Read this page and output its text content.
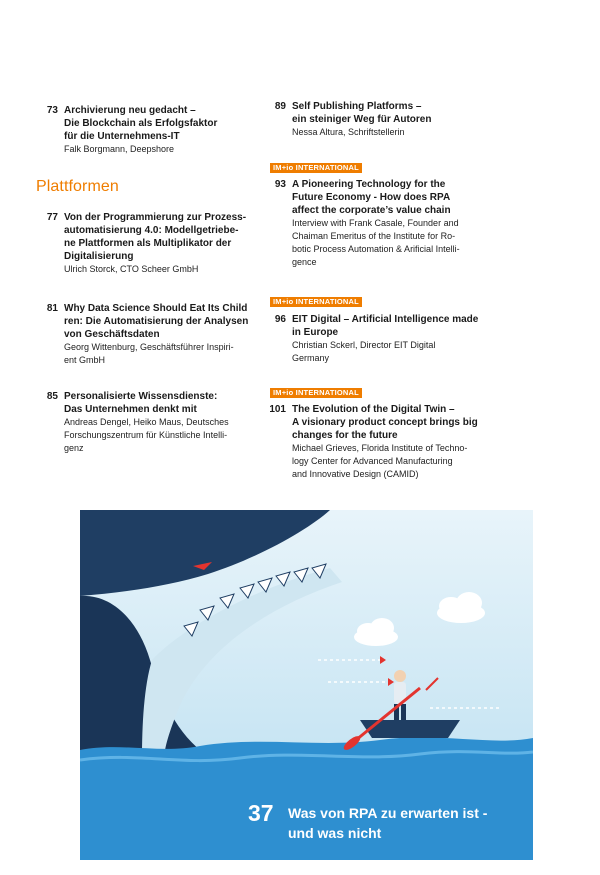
73 Archivierung neu gedacht –
Die Blockchain als Erfolgsfaktor
für die Unternehmens-IT
Falk Borgmann, Deepshore
Plattformen
77 Von der Programmierung zur Prozess-
automatisierung 4.0: Modellgetriebe-
ne Plattformen als Multiplikator der
Digitalisierung
Ulrich Storck, CTO Scheer GmbH
81 Why Data Science Should Eat Its Child
ren: Die Automatisierung der Analysen
von Geschäftsdaten
Georg Wittenburg, Geschäftsführer Inspiri-
ent GmbH
85 Personalisierte Wissensdienste:
Das Unternehmen denkt mit
Andreas Dengel, Heiko Maus, Deutsches
Forschungszentrum für Künstliche Intelli-
genz
89 Self Publishing Platforms –
ein steiniger Weg für Autoren
Nessa Altura, Schriftstellerin
IM+io INTERNATIONAL
93 A Pioneering Technology for the
Future Economy - How does RPA
affect the corporate’s value chain
Interview with Frank Casale, Founder and
Chaiman Emeritus of the Institute for Ro-
botic Process Automation & Arificial Intelli-
gence
IM+io INTERNATIONAL
96 EIT Digital – Artificial Intelligence made
in Europe
Christian Sckerl, Director EIT Digital
Germany
IM+io INTERNATIONAL
101 The Evolution of the Digital Twin –
A visionary product concept brings big
changes for the future
Michael Grieves, Florida Institute of Techno-
logy Center for Advanced Manufacturing
and Innovative Design (CAMID)
37 Was von RPA zu erwarten ist -
und was nicht
